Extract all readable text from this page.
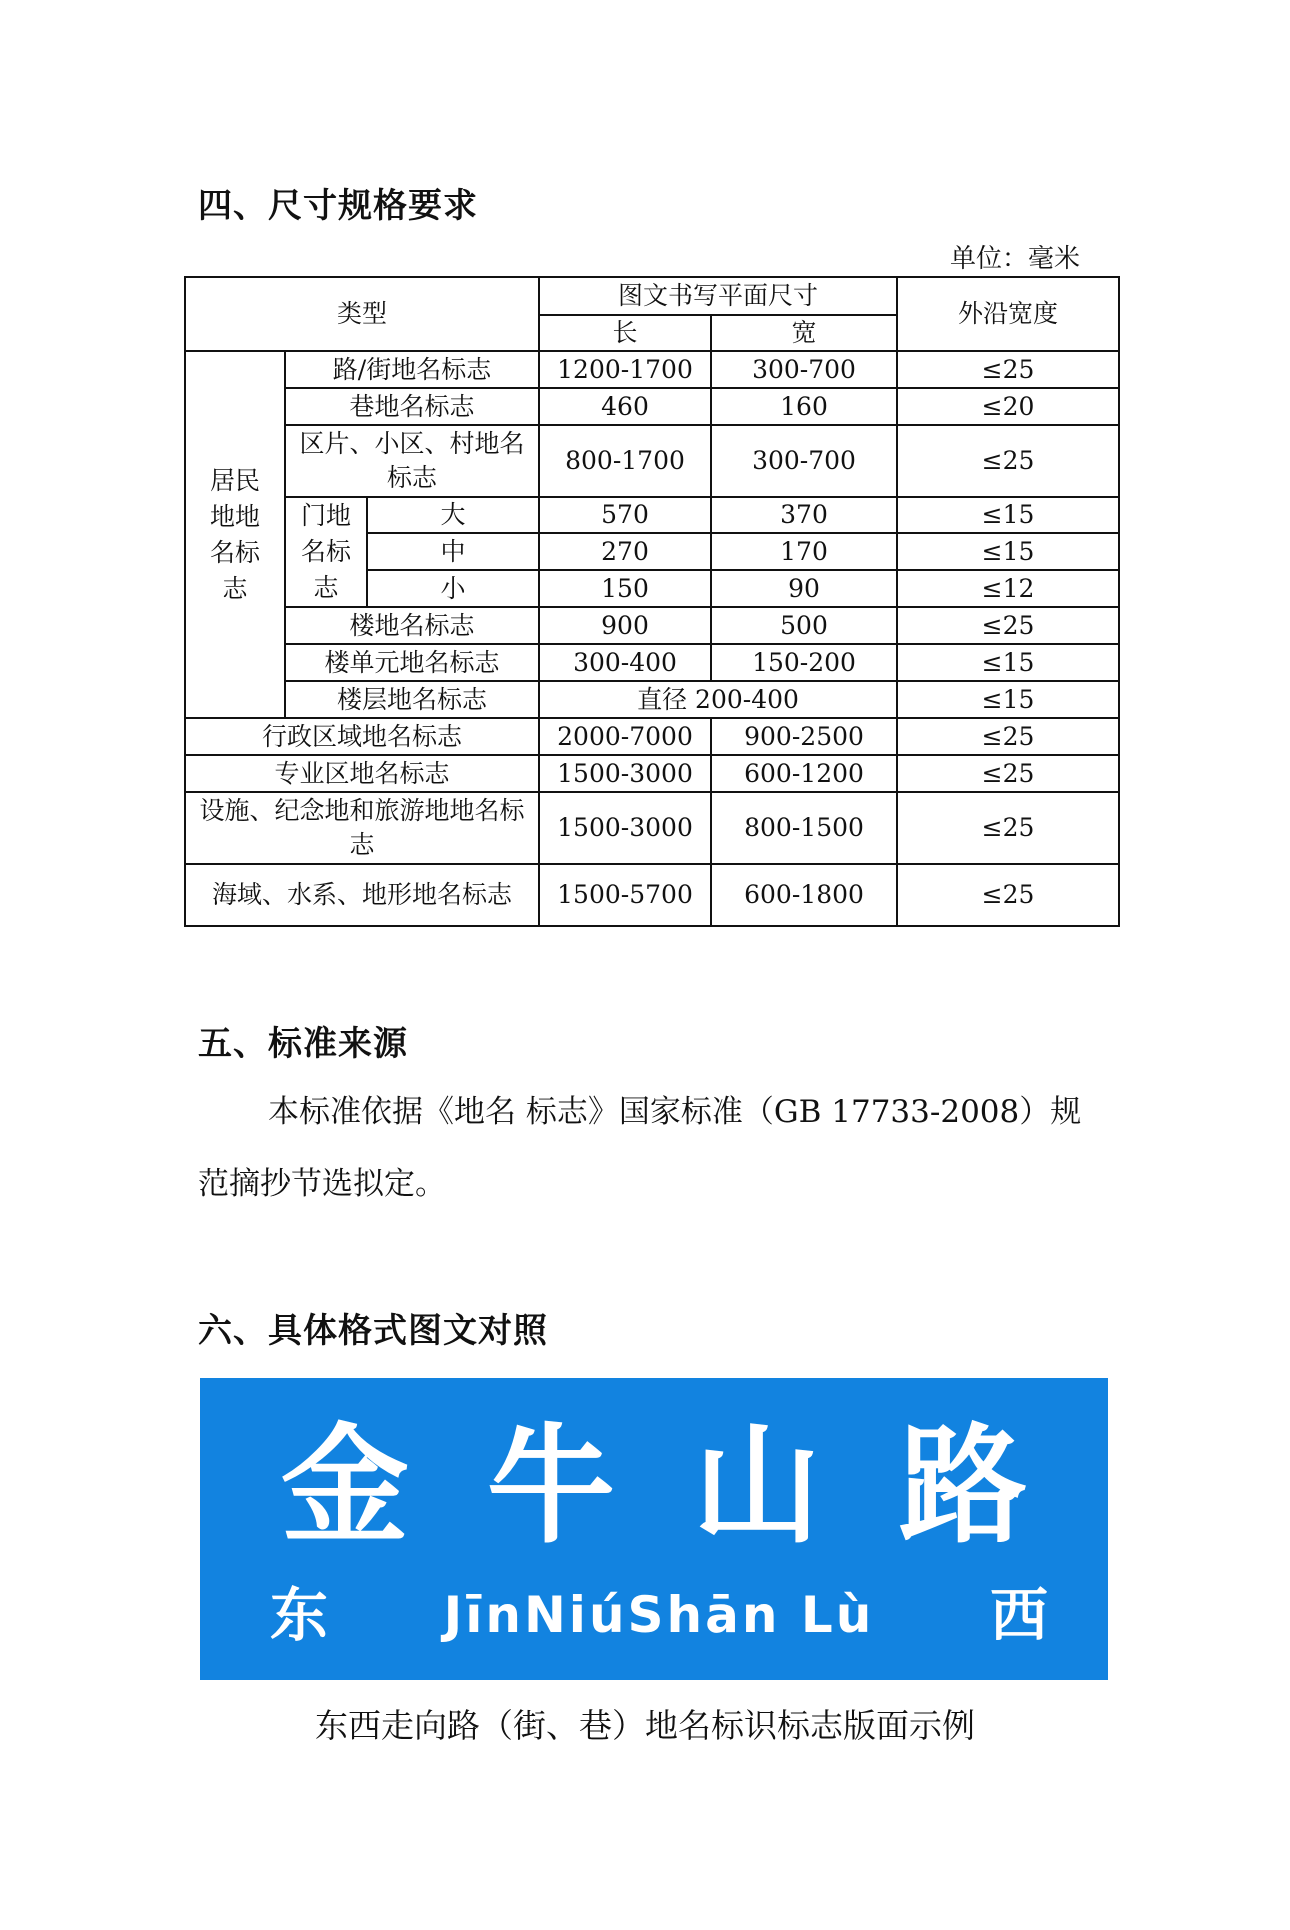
四、尺寸规格要求
单位：毫米
类型			图文书写平面尺寸		外沿宽度
			长	宽	
居民地地名标志	路/街地名标志		1200-1700	300-700	≤25
	巷地名标志		460	160	≤20
	区片、小区、村地名标志		800-1700	300-700	≤25
	门地名标志	大	570	370	≤15
		中	270	170	≤15
		小	150	90	≤12
	楼地名标志		900	500	≤25
	楼单元地名标志		300-400	150-200	≤15
	楼层地名标志		直径 200-400		≤15
行政区域地名标志			2000-7000	900-2500	≤25
专业区地名标志			1500-3000	600-1200	≤25
设施、纪念地和旅游地地名标志			1500-3000	800-1500	≤25
海域、水系、地形地名标志			1500-5700	600-1800	≤25
五、标准来源
本标准依据《地名 标志》国家标准（GB 17733-2008）规范摘抄节选拟定。
六、具体格式图文对照
金牛山路
东	JīnNiúShān Lù	西
东西走向路（街、巷）地名标识标志版面示例
